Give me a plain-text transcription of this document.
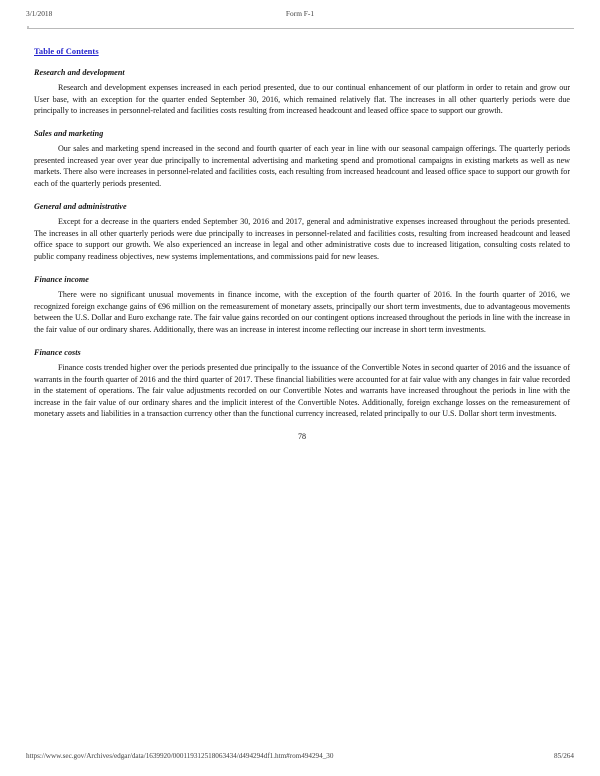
3/1/2018	Form F-1
Table of Contents
Research and development

Research and development expenses increased in each period presented, due to our continual enhancement of our platform in order to retain and grow our User base, with an exception for the quarter ended September 30, 2016, which remained relatively flat. The increases in all other quarterly periods were due principally to increases in personnel-related and facilities costs resulting from increased headcount and leased office space to support our growth.

Sales and marketing

Our sales and marketing spend increased in the second and fourth quarter of each year in line with our seasonal campaign offerings. The quarterly periods presented increased year over year due principally to incremental advertising and marketing spend and promotional campaigns in existing markets as well as new markets. There also were increases in personnel-related and facilities costs, each resulting from increased headcount and leased office space to support our growth for each of the quarterly periods presented.

General and administrative

Except for a decrease in the quarters ended September 30, 2016 and 2017, general and administrative expenses increased throughout the periods presented. The increases in all other quarterly periods were due principally to increases in personnel-related and facilities costs, resulting from increased headcount and leased office space to support our growth. We also experienced an increase in legal and other administrative costs due to increased litigation, consulting costs related to public company readiness objectives, new systems implementations, and commissions paid for new leases.

Finance income

There were no significant unusual movements in finance income, with the exception of the fourth quarter of 2016. In the fourth quarter of 2016, we recognized foreign exchange gains of €96 million on the remeasurement of monetary assets, principally our short term investments, due to advantageous movements between the U.S. Dollar and Euro exchange rate. The fair value gains recorded on our contingent options increased throughout the periods in line with the increase in the fair value of our ordinary shares. Additionally, there was an increase in interest income reflecting our increase in short term investments.

Finance costs

Finance costs trended higher over the periods presented due principally to the issuance of the Convertible Notes in second quarter of 2016 and the issuance of warrants in the fourth quarter of 2016 and the third quarter of 2017. These financial liabilities were accounted for at fair value with any changes in fair value recorded in the statement of operations. The fair value adjustments recorded on our Convertible Notes and warrants have increased throughout the periods in line with the increase in the fair value of our ordinary shares and the implicit interest of the Convertible Notes. Additionally, foreign exchange losses on the remeasurement of monetary assets and liabilities in a transaction currency other than the functional currency increased, related principally to our U.S. Dollar short term investments.

78
https://www.sec.gov/Archives/edgar/data/1639920/000119312518063434/d494294df1.htm#rom494294_30	85/264
